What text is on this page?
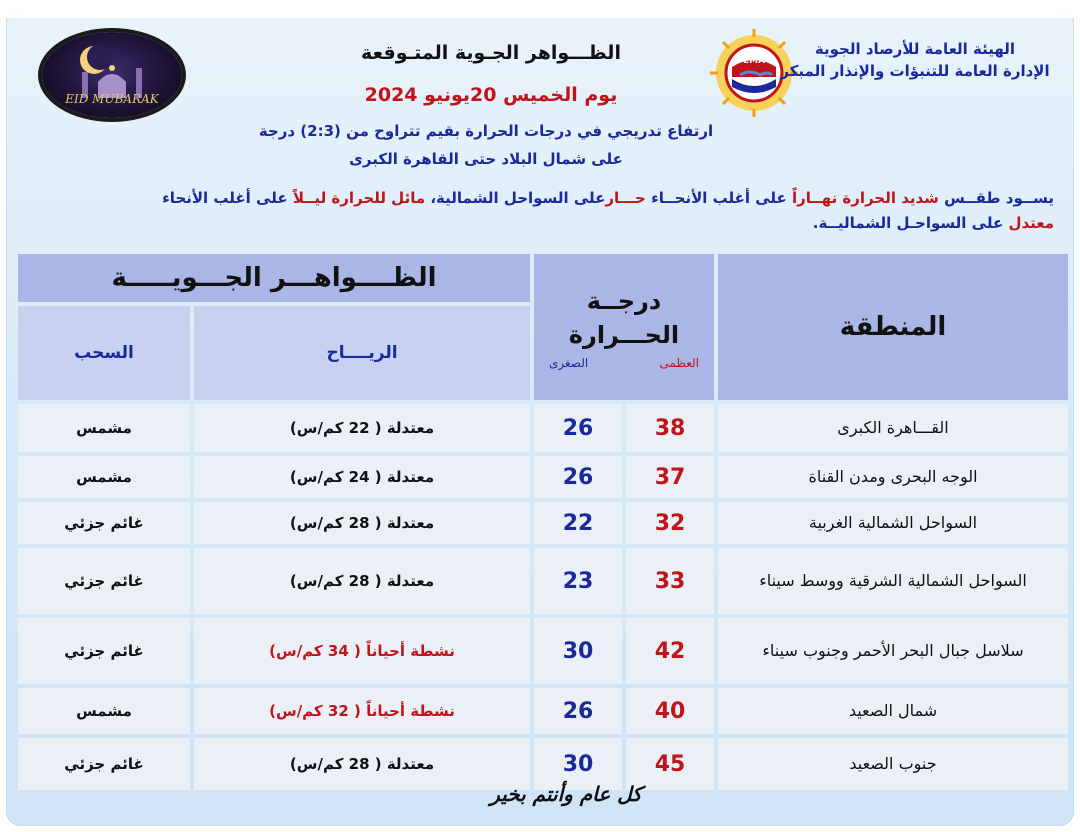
EID MUBARAK
الظـــواهر الجـوية المتـوقعة
يوم الخميس 20يونيو 2024
ارتفاع تدريجي في درجات الحرارة بقيم تتراوح من (2:3) درجة
على شمال البلاد حتى القاهرة الكبرى
EMA
الهيئة العامة للأرصاد الجوية
الإدارة العامة للتنبؤات والإنذار المبكر
يســود طقــس شديد الحرارة نهــاراً على أغلب الأنحــاء حـــارعلى السواحل الشمالية، مائل للحرارة ليــلاً على أغلب الأنحاء
معتدل على السواحـل الشماليــة.
الظــــواهـــر الجـــويـــــة
السحب	الريــــاح
درجــة الحـــرارة
العظمى
الصغرى
المنطقة
مشمس	معتدلة ( 22 كم/س)	26	38	القـــاهرة الكبرى
مشمس	معتدلة ( 24 كم/س)	26	37	الوجه البحرى ومدن القناة
غائم جزئي	معتدلة ( 28 كم/س)	22	32	السواحل الشمالية الغربية
غائم جزئي	معتدلة ( 28 كم/س)	23	33	السواحل الشمالية الشرقية ووسط سيناء
غائم جزئي	نشطة أحياناً ( 34 كم/س)	30	42	سلاسل جبال البحر الأحمر وجنوب سيناء
مشمس	نشطة أحياناً ( 32 كم/س)	26	40	شمال الصعيد
غائم جزئي	معتدلة ( 28 كم/س)	30	45	جنوب الصعيد
كل عام وأنتم بخير
